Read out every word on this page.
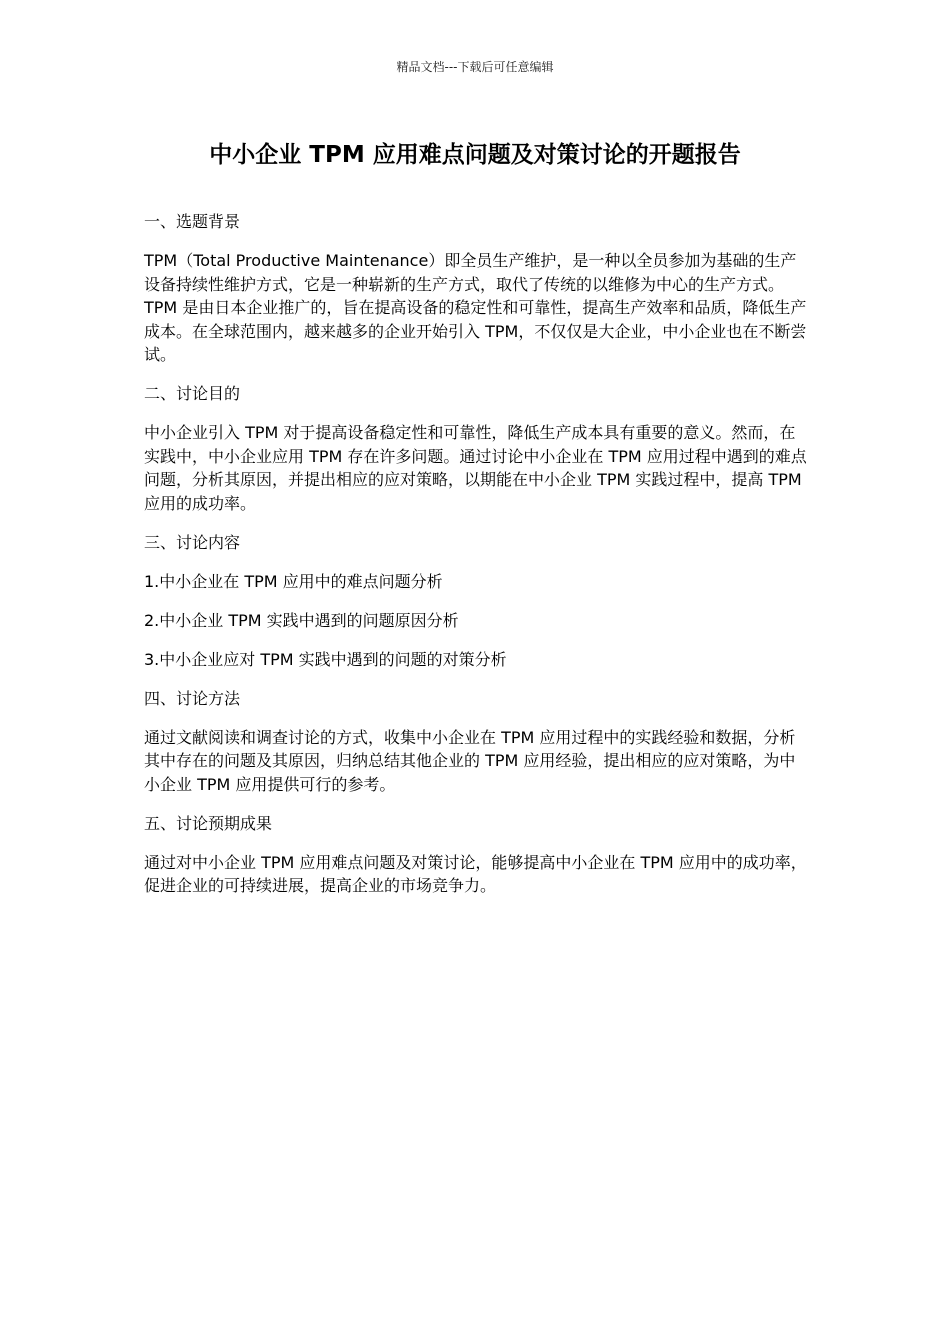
精品文档---下载后可任意编辑
中小企业 TPM 应用难点问题及对策讨论的开题报告
一、选题背景
TPM（Total Productive Maintenance）即全员生产维护，是一种以全员参加为基础的生产设备持续性维护方式，它是一种崭新的生产方式，取代了传统的以维修为中心的生产方式。TPM 是由日本企业推广的，旨在提高设备的稳定性和可靠性，提高生产效率和品质，降低生产成本。在全球范围内，越来越多的企业开始引入 TPM，不仅仅是大企业，中小企业也在不断尝试。
二、讨论目的
中小企业引入 TPM 对于提高设备稳定性和可靠性，降低生产成本具有重要的意义。然而，在实践中，中小企业应用 TPM 存在许多问题。通过讨论中小企业在 TPM 应用过程中遇到的难点问题，分析其原因，并提出相应的应对策略，以期能在中小企业 TPM 实践过程中，提高 TPM 应用的成功率。
三、讨论内容
1.中小企业在 TPM 应用中的难点问题分析
2.中小企业 TPM 实践中遇到的问题原因分析
3.中小企业应对 TPM 实践中遇到的问题的对策分析
四、讨论方法
通过文献阅读和调查讨论的方式，收集中小企业在 TPM 应用过程中的实践经验和数据，分析其中存在的问题及其原因，归纳总结其他企业的 TPM 应用经验，提出相应的应对策略，为中小企业 TPM 应用提供可行的参考。
五、讨论预期成果
通过对中小企业 TPM 应用难点问题及对策讨论，能够提高中小企业在 TPM 应用中的成功率，促进企业的可持续进展，提高企业的市场竞争力。
